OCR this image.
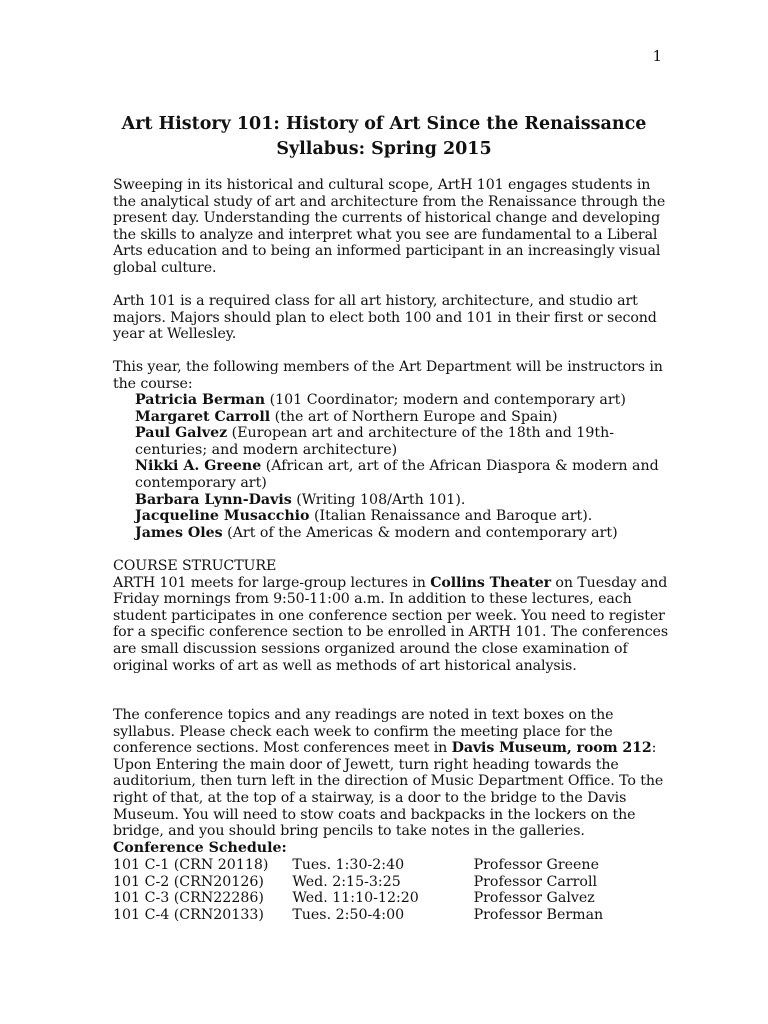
1
Art History 101: History of Art Since the Renaissance
Syllabus: Spring 2015
Sweeping in its historical and cultural scope, ArtH 101 engages students in the analytical study of art and architecture from the Renaissance through the present day. Understanding the currents of historical change and developing the skills to analyze and interpret what you see are fundamental to a Liberal Arts education and to being an informed participant in an increasingly visual global culture.
Arth 101 is a required class for all art history, architecture, and studio art majors. Majors should plan to elect both 100 and 101 in their first or second year at Wellesley.
This year, the following members of the Art Department will be instructors in the course:

Patricia Berman (101 Coordinator; modern and contemporary art)

Margaret Carroll (the art of Northern Europe and Spain)

Paul Galvez (European art and architecture of the 18th and 19th-centuries; and modern architecture)

Nikki A. Greene (African art, art of the African Diaspora & modern and contemporary art)

Barbara Lynn-Davis (Writing 108/Arth 101).

Jacqueline Musacchio (Italian Renaissance and Baroque art).

James Oles (Art of the Americas & modern and contemporary art)

COURSE STRUCTURE
ARTH 101 meets for large-group lectures in Collins Theater on Tuesday and Friday mornings from 9:50-11:00 a.m. In addition to these lectures, each student participates in one conference section per week. You need to register for a specific conference section to be enrolled in ARTH 101. The conferences are small discussion sessions organized around the close examination of original works of art as well as methods of art historical analysis.
The conference topics and any readings are noted in text boxes on the syllabus. Please check each week to confirm the meeting place for the conference sections. Most conferences meet in Davis Museum, room 212: Upon Entering the main door of Jewett, turn right heading towards the auditorium, then turn left in the direction of Music Department Office. To the right of that, at the top of a stairway, is a door to the bridge to the Davis Museum. You will need to stow coats and backpacks in the lockers on the bridge, and you should bring pencils to take notes in the galleries.
Conference Schedule:
101 C-1 (CRN 20118)	Tues. 1:30-2:40	Professor Greene
101 C-2 (CRN20126)	Wed. 2:15-3:25	Professor Carroll
101 C-3 (CRN22286)	Wed. 11:10-12:20	Professor Galvez
101 C-4 (CRN20133)	Tues. 2:50-4:00	Professor Berman
